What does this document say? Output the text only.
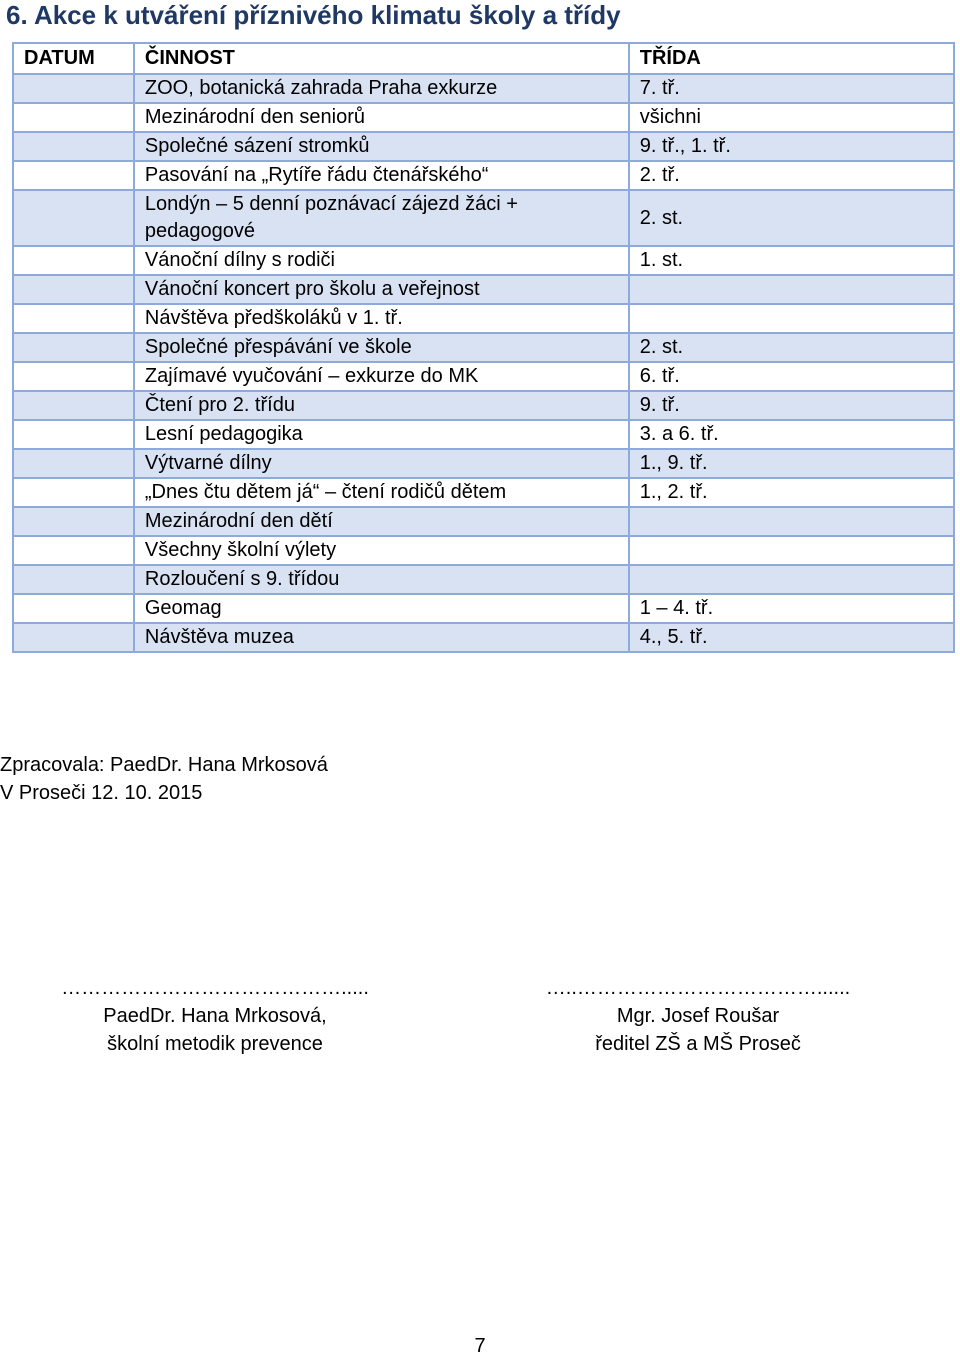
6. Akce k utváření příznivého klimatu školy a třídy
DATUM	ČINNOST	TŘÍDA
	ZOO, botanická zahrada Praha exkurze	7. tř.
	Mezinárodní den seniorů	všichni
	Společné sázení stromků	9. tř., 1. tř.
	Pasování na „Rytíře řádu čtenářského“	2. tř.
	Londýn – 5 denní poznávací zájezd žáci +
pedagogové	2. st.
	Vánoční dílny s rodiči	1. st.
	Vánoční koncert pro školu a veřejnost	
	Návštěva předškoláků v 1. tř.	
	Společné přespávání ve škole	2. st.
	Zajímavé vyučování – exkurze do MK	6. tř.
	Čtení pro 2. třídu	9. tř.
	Lesní pedagogika	3. a 6. tř.
	Výtvarné dílny	1., 9. tř.
	„Dnes čtu dětem já“ – čtení rodičů dětem	1., 2. tř.
	Mezinárodní den dětí	
	Všechny školní výlety	
	Rozloučení s 9. třídou	
	Geomag	1 – 4. tř.
	Návštěva muzea	4., 5. tř.
Zpracovala: PaedDr. Hana Mrkosová
V Proseči 12. 10. 2015
…………………………………….....
PaedDr. Hana Mrkosová,
školní metodik prevence
…..………………………………......
Mgr. Josef Roušar
ředitel ZŠ a MŠ Proseč
7
